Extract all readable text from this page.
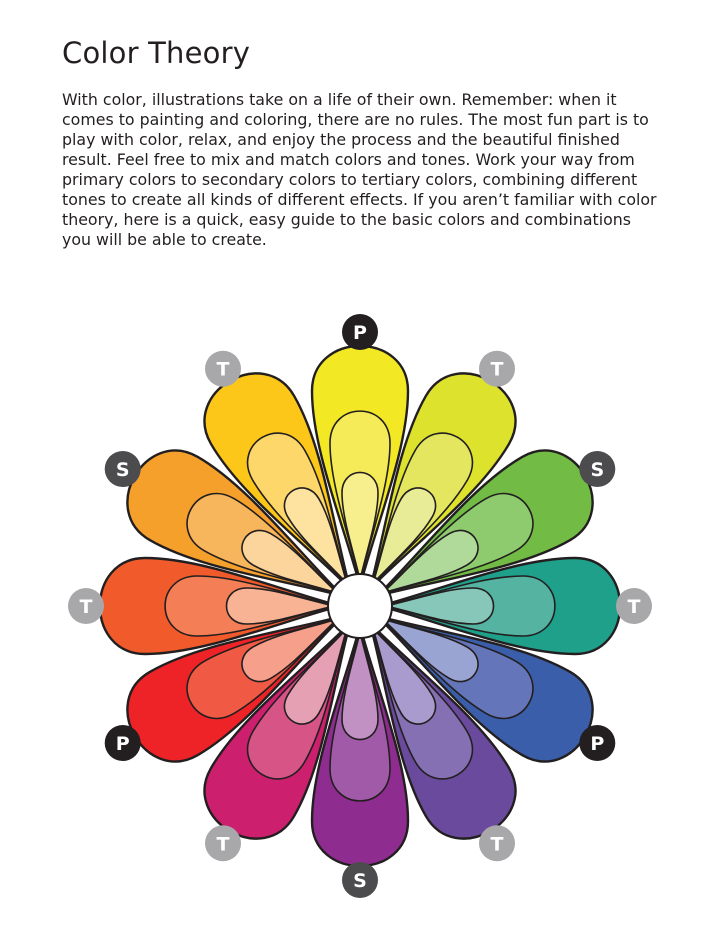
Color Theory

With color, illustrations take on a life of their own. Remember: when it comes to painting and coloring, there are no rules. The most fun part is to play with color, relax, and enjoy the process and the beautiful finished result. Feel free to mix and match colors and tones. Work your way from primary colors to secondary colors to tertiary colors, combining different tones to create all kinds of different effects. If you aren’t familiar with color theory, here is a quick, easy guide to the basic colors and combinations you will be able to create.

P
T
S
T
P
T
S
T
P
T
S
T
